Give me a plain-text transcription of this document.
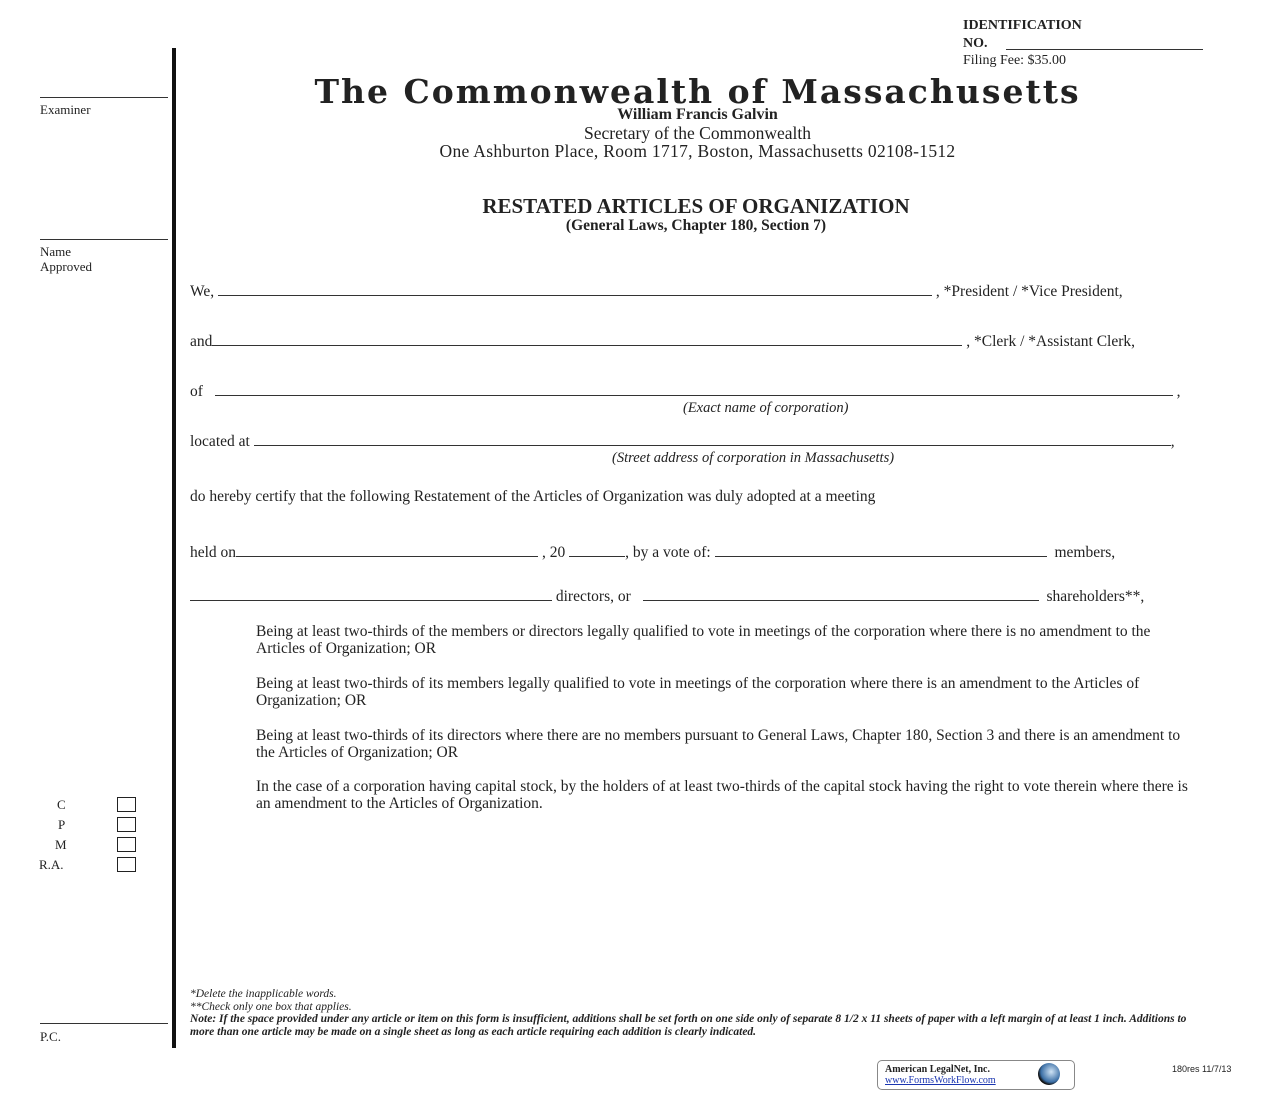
IDENTIFICATION
NO.
Filing Fee: $35.00
The Commonwealth of Massachusetts
William Francis Galvin
Secretary of the Commonwealth
One Ashburton Place, Room 1717, Boston, Massachusetts 02108-1512
RESTATED ARTICLES OF ORGANIZATION
(General Laws, Chapter 180, Section 7)
Examiner
Name
Approved
C
P
M
R.A.
P.C.
We,	, *President / *Vice President,
and	, *Clerk / *Assistant Clerk,
of	,
(Exact name of corporation)
located at	,
(Street address of corporation in Massachusetts)
do hereby certify that the following Restatement of the Articles of Organization was duly adopted at a meeting
held on	, 20	, by a vote of:	members,
directors, or	shareholders**,
Being at least two-thirds of the members or directors legally qualified to vote in meetings of the corporation where there is no amendment to the Articles of Organization; OR
Being at least two-thirds of its members legally qualified to vote in meetings of the corporation where there is an amendment to the Articles of Organization; OR
Being at least two-thirds of its directors where there are no members pursuant to General Laws, Chapter 180, Section 3 and there is an amendment to the Articles of Organization; OR
In the case of a corporation having capital stock, by the holders of at least two-thirds of the capital stock having the right to vote therein where there is an amendment to the Articles of Organization.
*Delete the inapplicable words.
**Check only one box that applies.
Note: If the space provided under any article or item on this form is insufficient, additions shall be set forth on one side only of separate 8 1/2 x 11 sheets of paper with a left margin of at least 1 inch. Additions to more than one article may be made on a single sheet as long as each article requiring each addition is clearly indicated.
American LegalNet, Inc.
www.FormsWorkFlow.com
180res 11/7/13
